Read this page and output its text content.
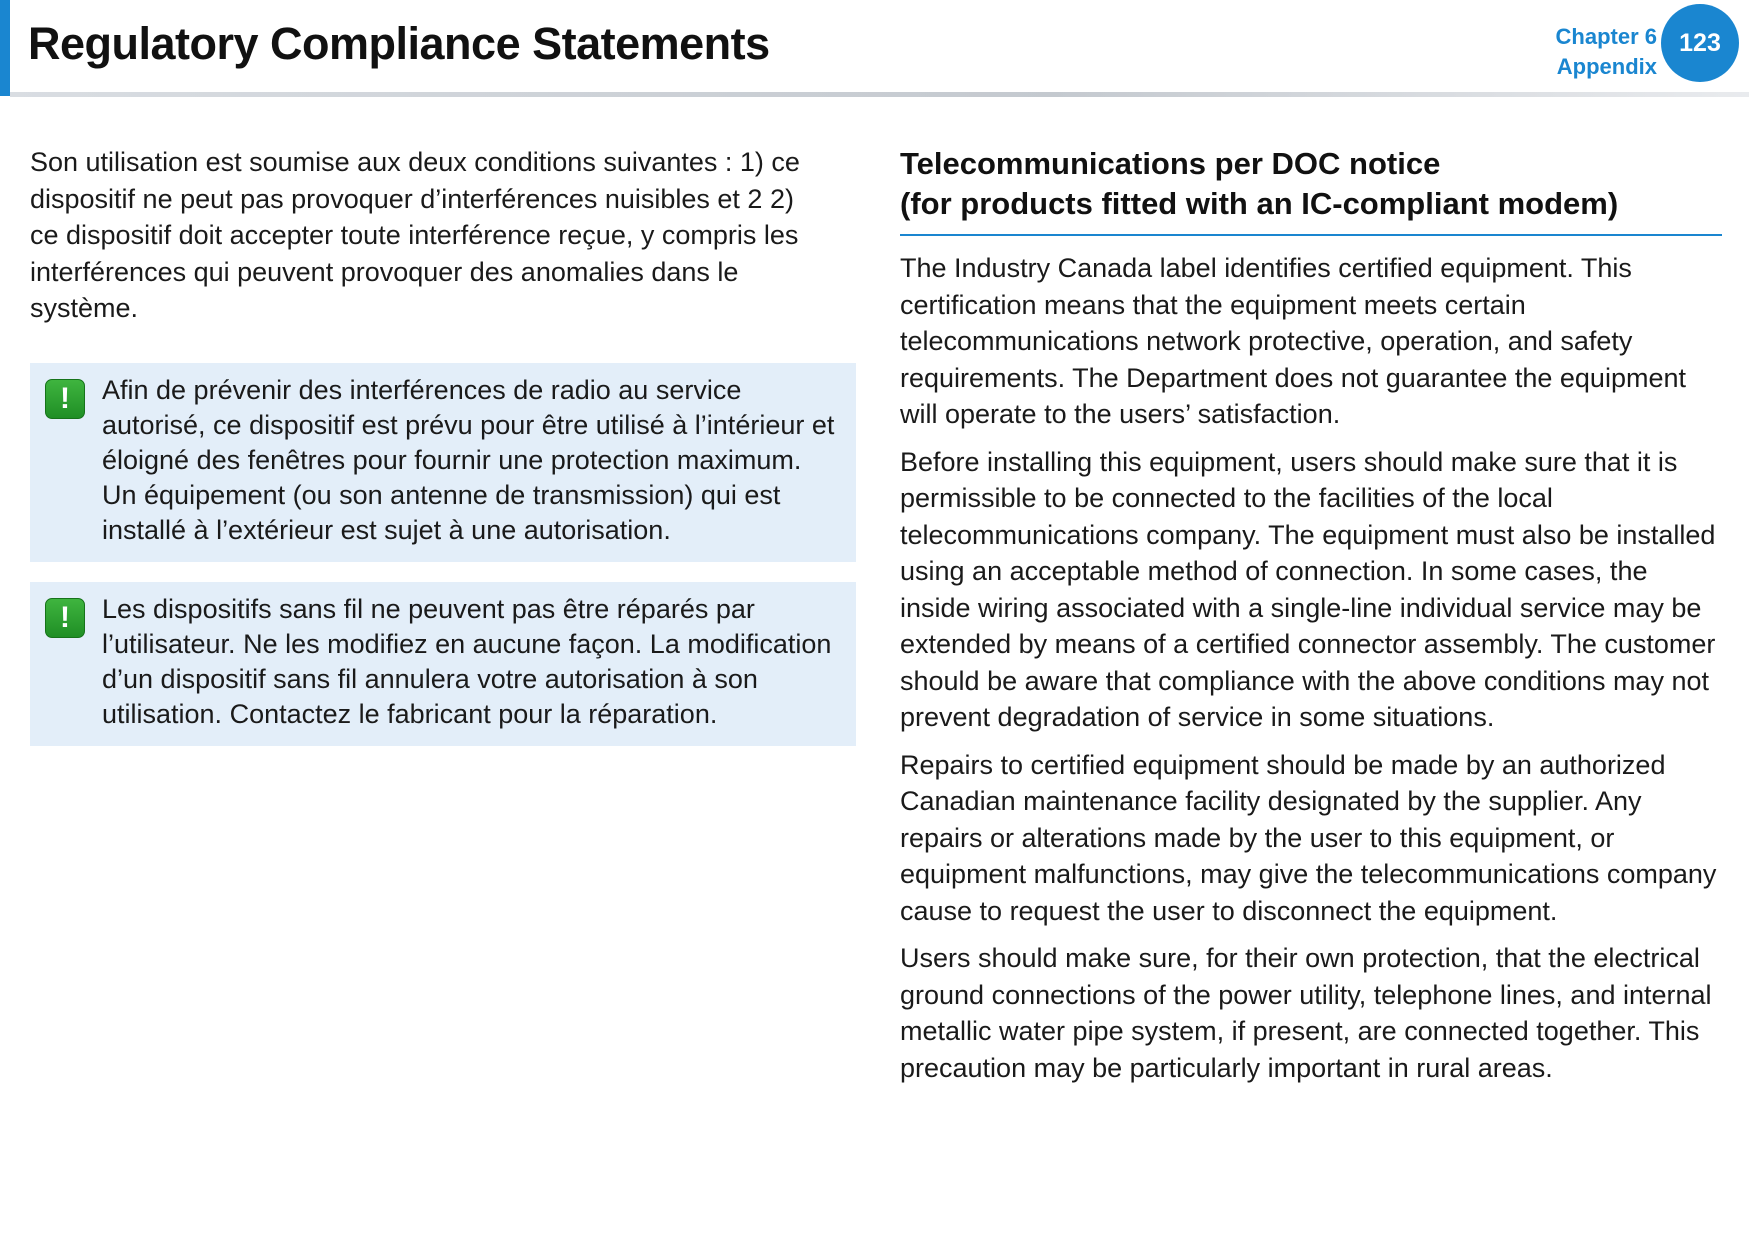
Regulatory Compliance Statements	Chapter 6
Appendix
123

Son utilisation est soumise aux deux conditions suivantes : 1) ce dispositif ne peut pas provoquer d’interférences nuisibles et 2 2) ce dispositif doit accepter toute interférence reçue, y compris les interférences qui peuvent provoquer des anomalies dans le système.

!	Afin de prévenir des interférences de radio au service autorisé, ce dispositif est prévu pour être utilisé à l’intérieur et éloigné des fenêtres pour fournir une protection maximum. Un équipement (ou son antenne de transmission) qui est installé à l’extérieur est sujet à une autorisation.

!	Les dispositifs sans fil ne peuvent pas être réparés par l’utilisateur. Ne les modifiez en aucune façon. La modification d’un dispositif sans fil annulera votre autorisation à son utilisation. Contactez le fabricant pour la réparation.

Telecommunications per DOC notice
(for products fitted with an IC-compliant modem)

The Industry Canada label identifies certified equipment. This certification means that the equipment meets certain telecommunications network protective, operation, and safety requirements. The Department does not guarantee the equipment will operate to the users’ satisfaction.

Before installing this equipment, users should make sure that it is permissible to be connected to the facilities of the local telecommunications company. The equipment must also be installed using an acceptable method of connection. In some cases, the inside wiring associated with a single-line individual service may be extended by means of a certified connector assembly. The customer should be aware that compliance with the above conditions may not prevent degradation of service in some situations.

Repairs to certified equipment should be made by an authorized Canadian maintenance facility designated by the supplier. Any repairs or alterations made by the user to this equipment, or equipment malfunctions, may give the telecommunications company cause to request the user to disconnect the equipment.

Users should make sure, for their own protection, that the electrical ground connections of the power utility, telephone lines, and internal metallic water pipe system, if present, are connected together. This precaution may be particularly important in rural areas.
